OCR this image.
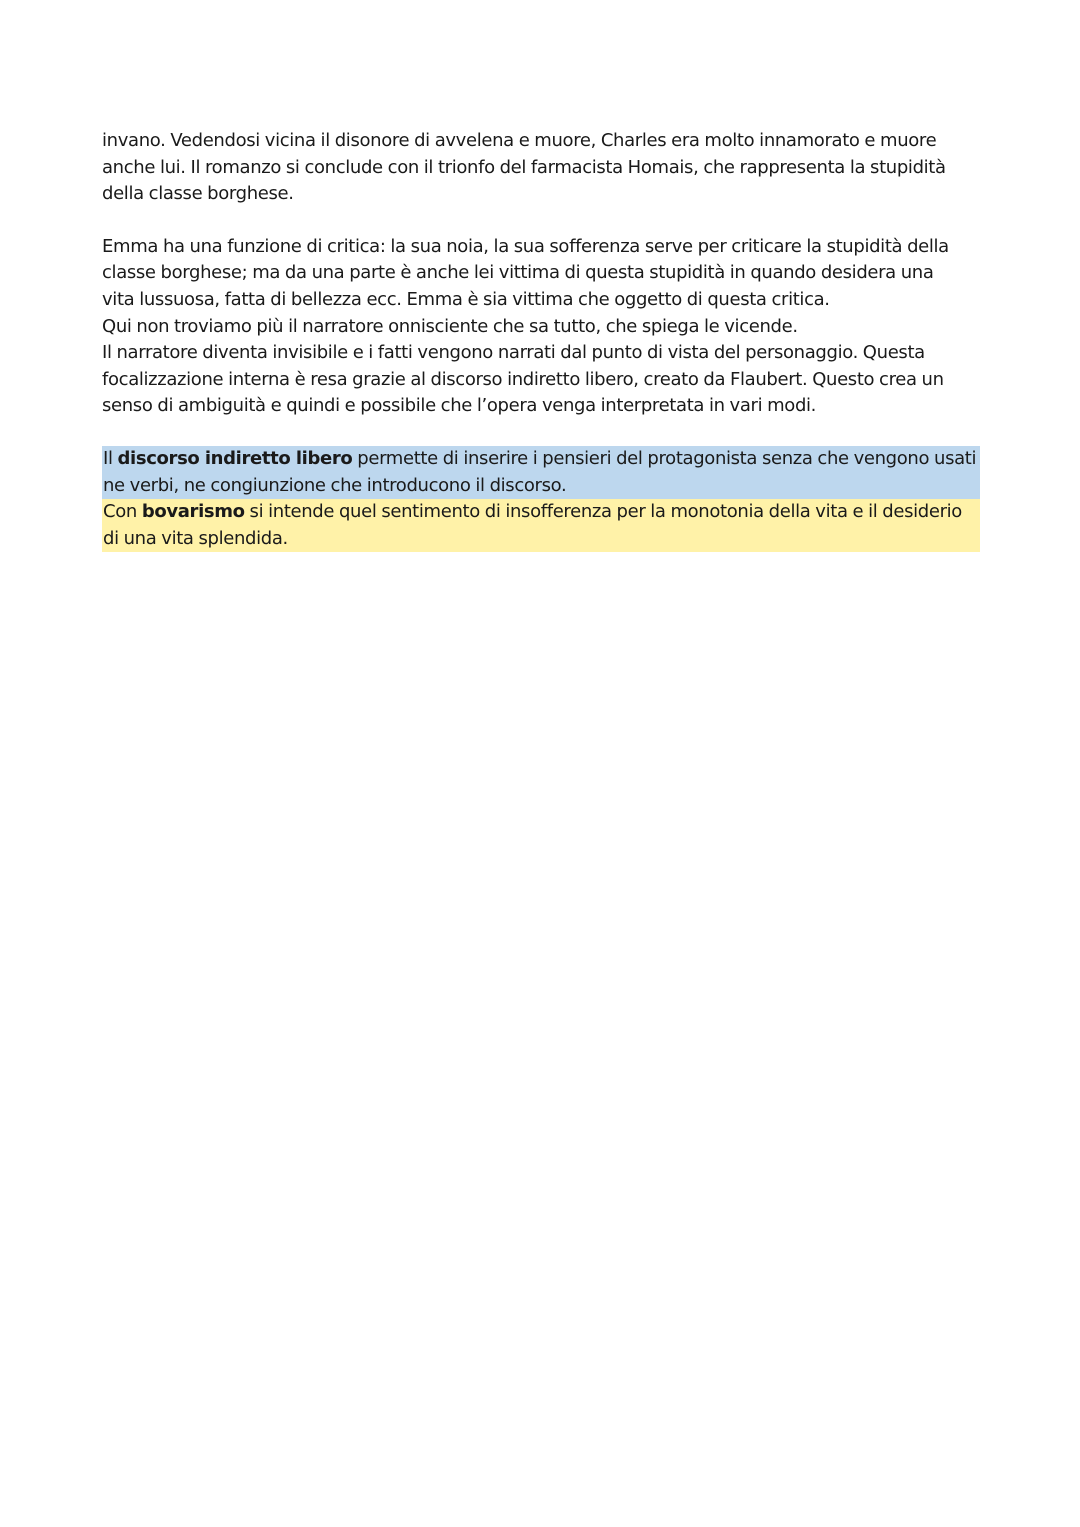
invano. Vedendosi vicina il disonore di avvelena e muore, Charles era molto innamorato e muore
anche lui. Il romanzo si conclude con il trionfo del farmacista Homais, che rappresenta la stupidità
della classe borghese.
Emma ha una funzione di critica: la sua noia, la sua sofferenza serve per criticare la stupidità della
classe borghese; ma da una parte è anche lei vittima di questa stupidità in quando desidera una
vita lussuosa, fatta di bellezza ecc. Emma è sia vittima che oggetto di questa critica.
Qui non troviamo più il narratore onnisciente che sa tutto, che spiega le vicende.
Il narratore diventa invisibile e i fatti vengono narrati dal punto di vista del personaggio. Questa
focalizzazione interna è resa grazie al discorso indiretto libero, creato da Flaubert. Questo crea un
senso di ambiguità e quindi e possibile che l’opera venga interpretata in vari modi.
Il discorso indiretto libero permette di inserire i pensieri del protagonista senza che vengono usati
ne verbi, ne congiunzione che introducono il discorso.
Con bovarismo si intende quel sentimento di insofferenza per la monotonia della vita e il desiderio
di una vita splendida.
